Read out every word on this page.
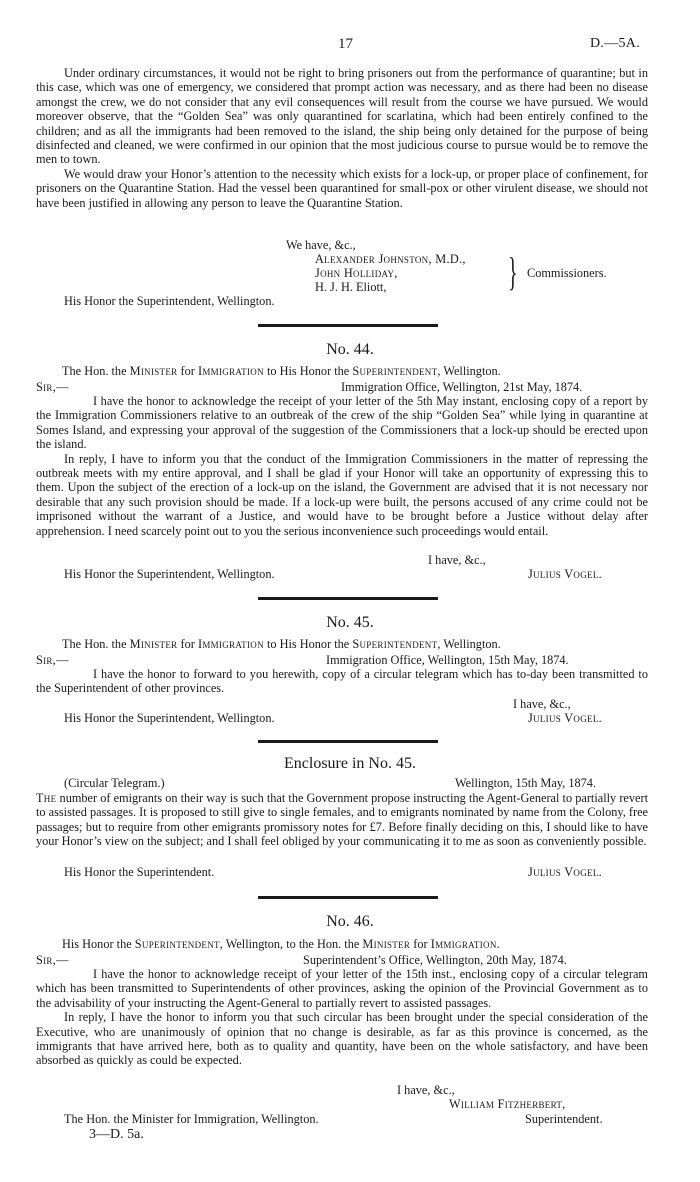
17	D.—5A.

Under ordinary circumstances, it would not be right to bring prisoners out from the performance of quarantine; but in this case, which was one of emergency, we considered that prompt action was necessary, and as there had been no disease amongst the crew, we do not consider that any evil consequences will result from the course we have pursued. We would moreover observe, that the “Golden Sea” was only quarantined for scarlatina, which had been entirely confined to the children; and as all the immigrants had been removed to the island, the ship being only detained for the purpose of being disinfected and cleaned, we were confirmed in our opinion that the most judicious course to pursue would be to remove the men to town.

We would draw your Honor’s attention to the necessity which exists for a lock-up, or proper place of confinement, for prisoners on the Quarantine Station. Had the vessel been quarantined for small-pox or other virulent disease, we should not have been justified in allowing any person to leave the Quarantine Station.

We have, &c.,
Alexander Johnston, M.D.,
John Holliday,
H. J. H. Eliott,	} Commissioners.
His Honor the Superintendent, Wellington.
No. 44.
The Hon. the Minister for Immigration to His Honor the Superintendent, Wellington.
Sir,—	Immigration Office, Wellington, 21st May, 1874.

I have the honor to acknowledge the receipt of your letter of the 5th May instant, enclosing copy of a report by the Immigration Commissioners relative to an outbreak of the crew of the ship “Golden Sea” while lying in quarantine at Somes Island, and expressing your approval of the suggestion of the Commissioners that a lock-up should be erected upon the island.

In reply, I have to inform you that the conduct of the Immigration Commissioners in the matter of repressing the outbreak meets with my entire approval, and I shall be glad if your Honor will take an opportunity of expressing this to them. Upon the subject of the erection of a lock-up on the island, the Government are advised that it is not necessary nor desirable that any such provision should be made. If a lock-up were built, the persons accused of any crime could not be imprisoned without the warrant of a Justice, and would have to be brought before a Justice without delay after apprehension. I need scarcely point out to you the serious inconvenience such proceedings would entail.

I have, &c.,
His Honor the Superintendent, Wellington.	Julius Vogel.
No. 45.
The Hon. the Minister for Immigration to His Honor the Superintendent, Wellington.
Sir,—	Immigration Office, Wellington, 15th May, 1874.

I have the honor to forward to you herewith, copy of a circular telegram which has to-day been transmitted to the Superintendent of other provinces.

I have, &c.,
His Honor the Superintendent, Wellington.	Julius Vogel.
Enclosure in No. 45.
(Circular Telegram.)	Wellington, 15th May, 1874.

The number of emigrants on their way is such that the Government propose instructing the Agent-General to partially revert to assisted passages. It is proposed to still give to single females, and to emigrants nominated by name from the Colony, free passages; but to require from other emigrants promissory notes for £7. Before finally deciding on this, I should like to have your Honor’s view on the subject; and I shall feel obliged by your communicating it to me as soon as conveniently possible.

His Honor the Superintendent.	Julius Vogel.
No. 46.
His Honor the Superintendent, Wellington, to the Hon. the Minister for Immigration.
Sir,—	Superintendent’s Office, Wellington, 20th May, 1874.

I have the honor to acknowledge receipt of your letter of the 15th inst., enclosing copy of a circular telegram which has been transmitted to Superintendents of other provinces, asking the opinion of the Provincial Government as to the advisability of your instructing the Agent-General to partially revert to assisted passages.

In reply, I have the honor to inform you that such circular has been brought under the special consideration of the Executive, who are unanimously of opinion that no change is desirable, as far as this province is concerned, as the immigrants that have arrived here, both as to quality and quantity, have been on the whole satisfactory, and have been absorbed as quickly as could be expected.

I have, &c.,
William Fitzherbert,
The Hon. the Minister for Immigration, Wellington.	Superintendent.
3—D. 5a.
